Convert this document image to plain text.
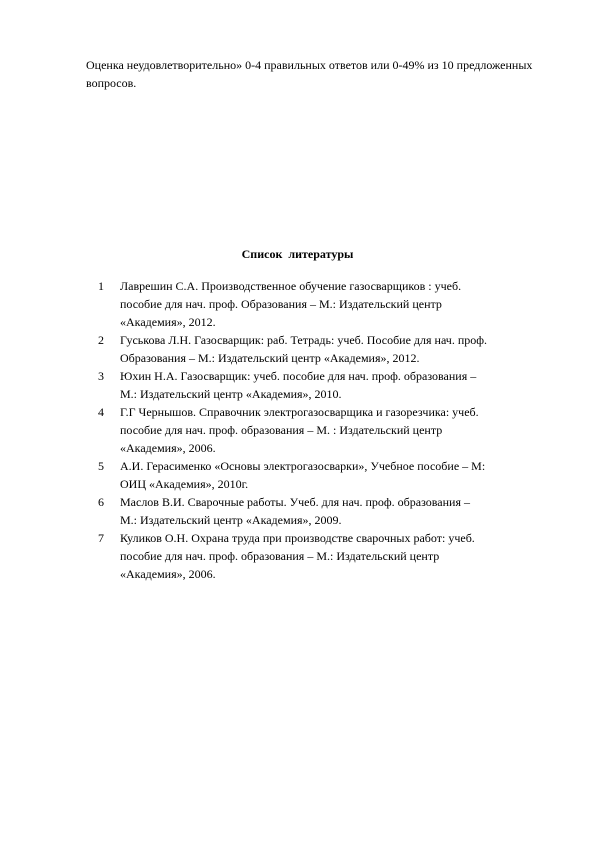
Оценка неудовлетворительно» 0-4 правильных ответов или 0-49% из 10 предложенных вопросов.

Список  литературы
1	Лаврешин С.А. Производственное обучение газосварщиков : учеб.
пособие для нач. проф. Образования – М.: Издательский центр
«Академия», 2012.
2	Гуськова Л.Н. Газосварщик: раб. Тетрадь: учеб. Пособие для нач. проф.
Образования – М.: Издательский центр «Академия», 2012.
3	Юхин Н.А. Газосварщик: учеб. пособие для нач. проф. образования –
М.: Издательский центр «Академия», 2010.
4	Г.Г Чернышов. Справочник электрогазосварщика и газорезчика: учеб.
пособие для нач. проф. образования – М. : Издательский центр
«Академия», 2006.
5	А.И. Герасименко «Основы электрогазосварки», Учебное пособие – М:
ОИЦ «Академия», 2010г.
6	Маслов В.И. Сварочные работы. Учеб. для нач. проф. образования –
М.: Издательский центр «Академия», 2009.
7	Куликов О.Н. Охрана труда при производстве сварочных работ: учеб.
пособие для нач. проф. образования – М.: Издательский центр
«Академия», 2006.
